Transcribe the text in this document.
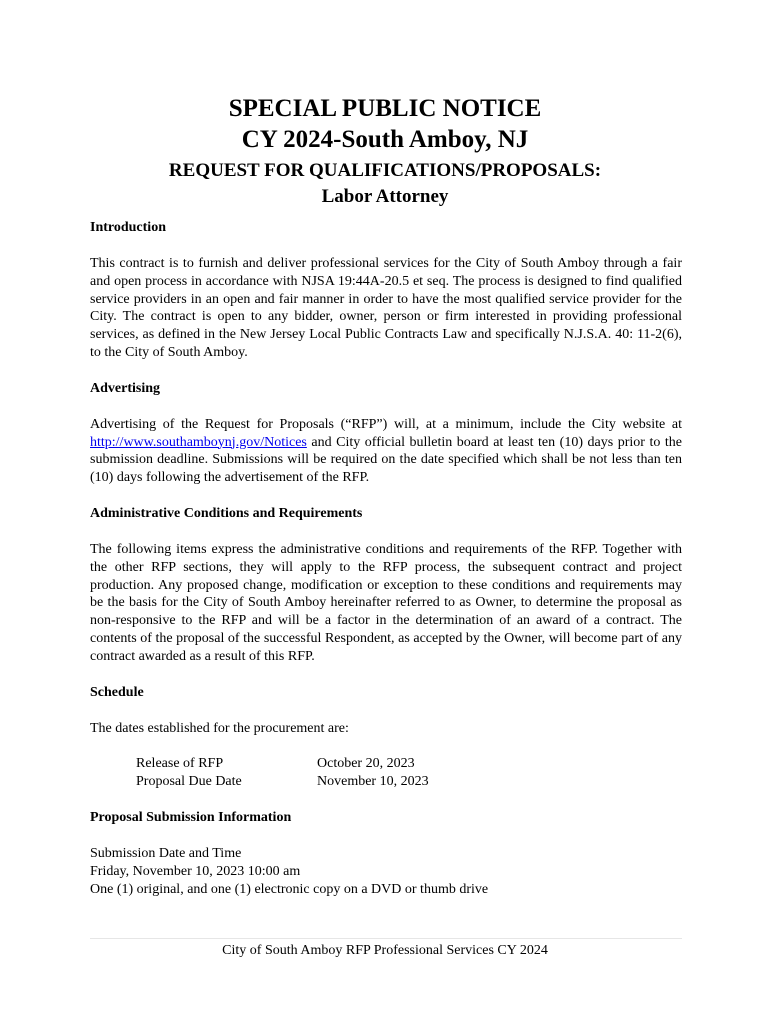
SPECIAL PUBLIC NOTICE
CY 2024-South Amboy, NJ
REQUEST FOR QUALIFICATIONS/PROPOSALS:
Labor Attorney
Introduction

This contract is to furnish and deliver professional services for the City of South Amboy through a fair and open process in accordance with NJSA 19:44A-20.5 et seq. The process is designed to find qualified service providers in an open and fair manner in order to have the most qualified service provider for the City. The contract is open to any bidder, owner, person or firm interested in providing professional services, as defined in the New Jersey Local Public Contracts Law and specifically N.J.S.A. 40: 11-2(6), to the City of South Amboy.

Advertising

Advertising of the Request for Proposals (“RFP”) will, at a minimum, include the City website at http://www.southamboynj.gov/Notices and City official bulletin board at least ten (10) days prior to the submission deadline. Submissions will be required on the date specified which shall be not less than ten (10) days following the advertisement of the RFP.

Administrative Conditions and Requirements

The following items express the administrative conditions and requirements of the RFP. Together with the other RFP sections, they will apply to the RFP process, the subsequent contract and project production. Any proposed change, modification or exception to these conditions and requirements may be the basis for the City of South Amboy hereinafter referred to as Owner, to determine the proposal as non-responsive to the RFP and will be a factor in the determination of an award of a contract. The contents of the proposal of the successful Respondent, as accepted by the Owner, will become part of any contract awarded as a result of this RFP.

Schedule

The dates established for the procurement are:

Release of RFP	October 20, 2023
Proposal Due Date	November 10, 2023
Proposal Submission Information
Submission Date and Time
Friday, November 10, 2023 10:00 am
One (1) original, and one (1) electronic copy on a DVD or thumb drive
City of South Amboy RFP Professional Services CY 2024
